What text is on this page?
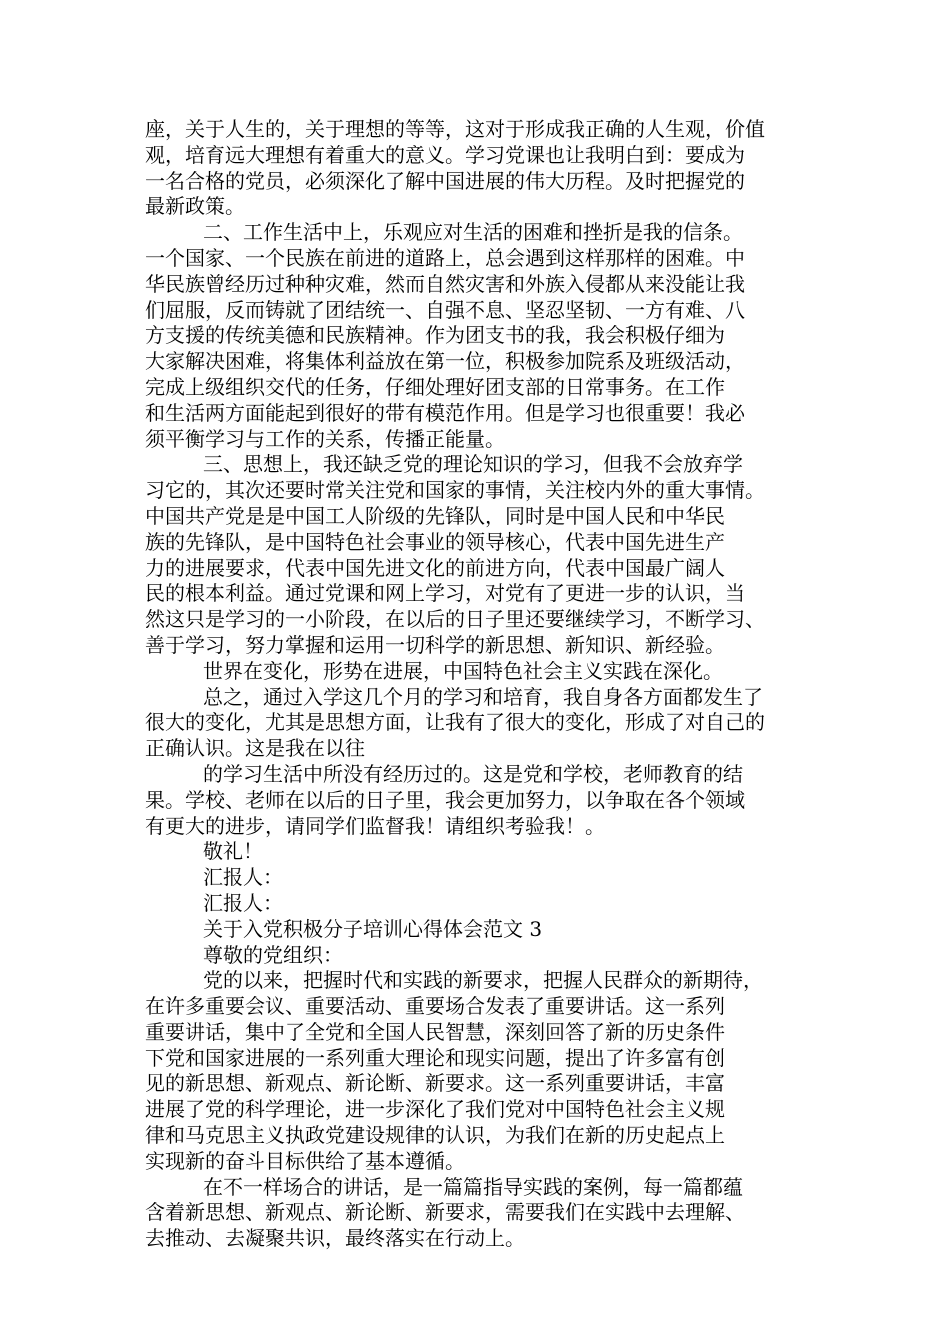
座，关于人生的，关于理想的等等，这对于形成我正确的人生观，价值
观，培育远大理想有着重大的意义。学习党课也让我明白到：要成为
一名合格的党员，必须深化了解中国进展的伟大历程。及时把握党的
最新政策。
二、工作生活中上，乐观应对生活的困难和挫折是我的信条。
一个国家、一个民族在前进的道路上，总会遇到这样那样的困难。中
华民族曾经历过种种灾难，然而自然灾害和外族入侵都从来没能让我
们屈服，反而铸就了团结统一、自强不息、坚忍坚韧、一方有难、八
方支援的传统美德和民族精神。作为团支书的我，我会积极仔细为
大家解决困难，将集体利益放在第一位，积极参加院系及班级活动，
完成上级组织交代的任务，仔细处理好团支部的日常事务。在工作
和生活两方面能起到很好的带有模范作用。但是学习也很重要！我必
须平衡学习与工作的关系，传播正能量。
三、思想上，我还缺乏党的理论知识的学习，但我不会放弃学
习它的，其次还要时常关注党和国家的事情，关注校内外的重大事情。
中国共产党是是中国工人阶级的先锋队，同时是中国人民和中华民
族的先锋队，是中国特色社会事业的领导核心，代表中国先进生产
力的进展要求，代表中国先进文化的前进方向，代表中国最广阔人
民的根本利益。通过党课和网上学习，对党有了更进一步的认识，当
然这只是学习的一小阶段，在以后的日子里还要继续学习，不断学习、
善于学习，努力掌握和运用一切科学的新思想、新知识、新经验。
世界在变化，形势在进展，中国特色社会主义实践在深化。
总之，通过入学这几个月的学习和培育，我自身各方面都发生了
很大的变化，尤其是思想方面，让我有了很大的变化，形成了对自己的
正确认识。这是我在以往
的学习生活中所没有经历过的。这是党和学校，老师教育的结
果。学校、老师在以后的日子里，我会更加努力，以争取在各个领域
有更大的进步，请同学们监督我！请组织考验我！。
敬礼！
汇报人：
汇报人：
关于入党积极分子培训心得体会范文 3
尊敬的党组织：
党的以来，把握时代和实践的新要求，把握人民群众的新期待，
在许多重要会议、重要活动、重要场合发表了重要讲话。这一系列
重要讲话，集中了全党和全国人民智慧，深刻回答了新的历史条件
下党和国家进展的一系列重大理论和现实问题，提出了许多富有创
见的新思想、新观点、新论断、新要求。这一系列重要讲话，丰富
进展了党的科学理论，进一步深化了我们党对中国特色社会主义规
律和马克思主义执政党建设规律的认识，为我们在新的历史起点上
实现新的奋斗目标供给了基本遵循。
在不一样场合的讲话，是一篇篇指导实践的案例，每一篇都蕴
含着新思想、新观点、新论断、新要求，需要我们在实践中去理解、
去推动、去凝聚共识，最终落实在行动上。
